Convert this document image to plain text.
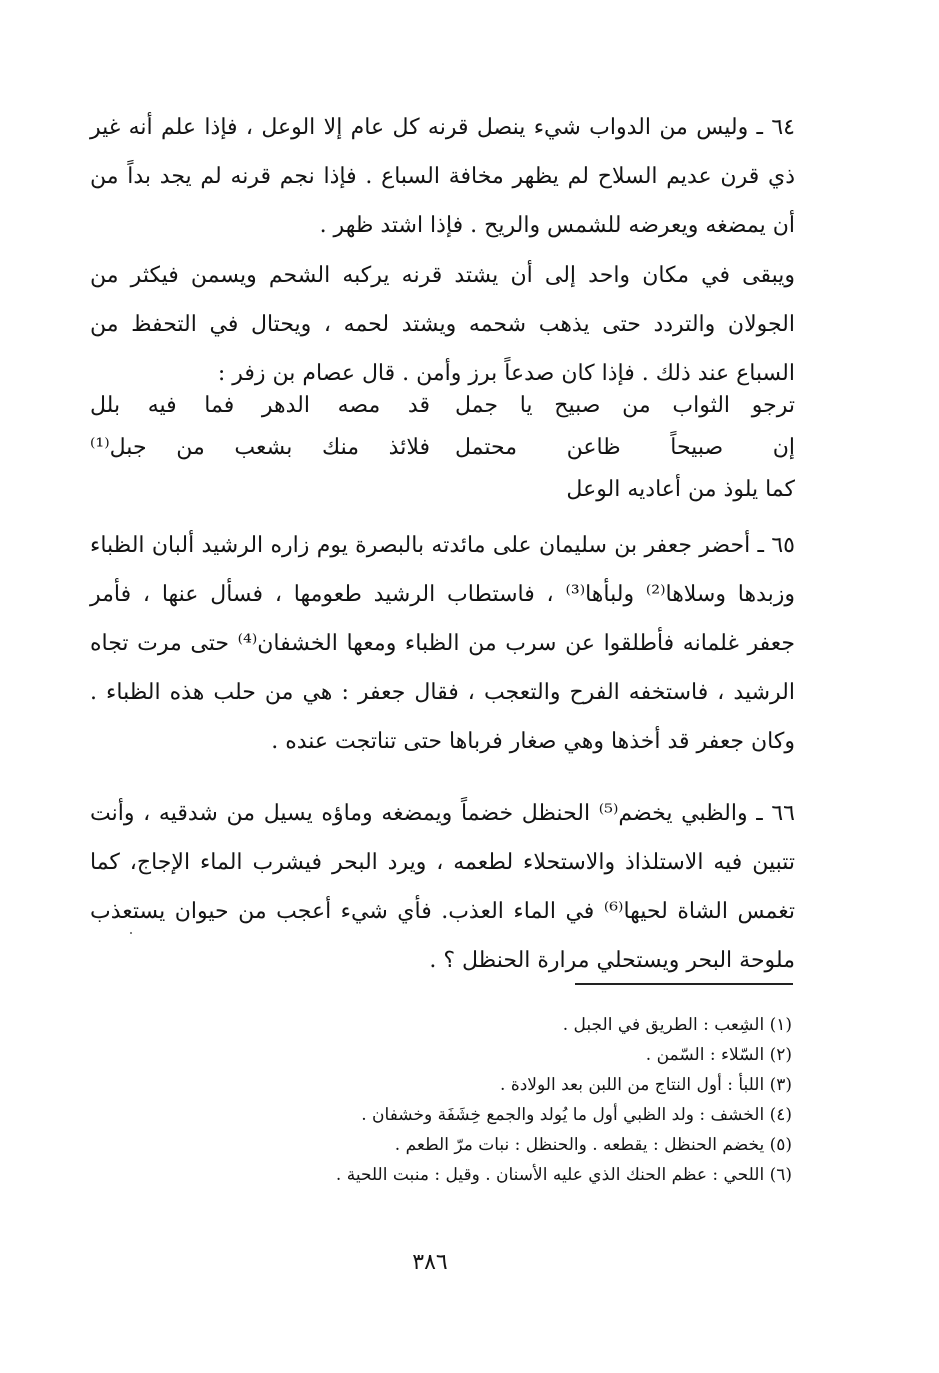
٦٤ ـ وليس من الدواب شيء ينصل قرنه كل عام إلا الوعل ، فإذا علم أنه غير ذي قرن عديم السلاح لم يظهر مخافة السباع . فإذا نجم قرنه لم يجد بداً من أن يمضغه ويعرضه للشمس والريح . فإذا اشتد ظهر .

ويبقى في مكان واحد إلى أن يشتد قرنه يركبه الشحم ويسمن فيكثر من الجولان والتردد حتى يذهب شحمه ويشتد لحمه ، ويحتال في التحفظ من السباع عند ذلك . فإذا كان صدعاً برز وأمن . قال عصام بن زفر :

ترجو الثواب من صبيح يا جمل
قد مصه الدهر فما فيه بلل
إن صبيحاً ظاعن محتمل
فلائذ منك بشعب من جبل⁽¹⁾
كما يلوذ من أعاديه الوعل

٦٥ ـ أحضر جعفر بن سليمان على مائدته بالبصرة يوم زاره الرشيد ألبان الظباء وزبدها وسلاها⁽²⁾ ولبأها⁽³⁾ ، فاستطاب الرشيد طعومها ، فسأل عنها ، فأمر جعفر غلمانه فأطلقوا عن سرب من الظباء ومعها الخشفان⁽⁴⁾ حتى مرت تجاه الرشيد ، فاستخفه الفرح والتعجب ، فقال جعفر : هي من حلب هذه الظباء . وكان جعفر قد أخذها وهي صغار فرباها حتى تناتجت عنده .

٦٦ ـ والظبي يخضم⁽⁵⁾ الحنظل خضماً ويمضغه وماؤه يسيل من شدقيه ، وأنت تتبين فيه الاستلذاذ والاستحلاء لطعمه ، ويرد البحر فيشرب الماء الإجاج، كما تغمس الشاة لحيها⁽⁶⁾ في الماء العذب. فأي شيء أعجب من حيوان يستعذب ملوحة البحر ويستحلي مرارة الحنظل ؟ .

(١) الشِعب : الطريق في الجبل .

(٢) السّلاء : السّمن .

(٣) اللبأ : أول النتاج من اللبن بعد الولادة .

(٤) الخشف : ولد الظبي أول ما يُولد والجمع خِشَفَة وخشفان .

(٥) يخضم الحنظل : يقطعه . والحنظل : نبات مرّ الطعم .

(٦) اللحي : عظم الحنك الذي عليه الأسنان . وقيل : منبت اللحية .

٣٨٦
